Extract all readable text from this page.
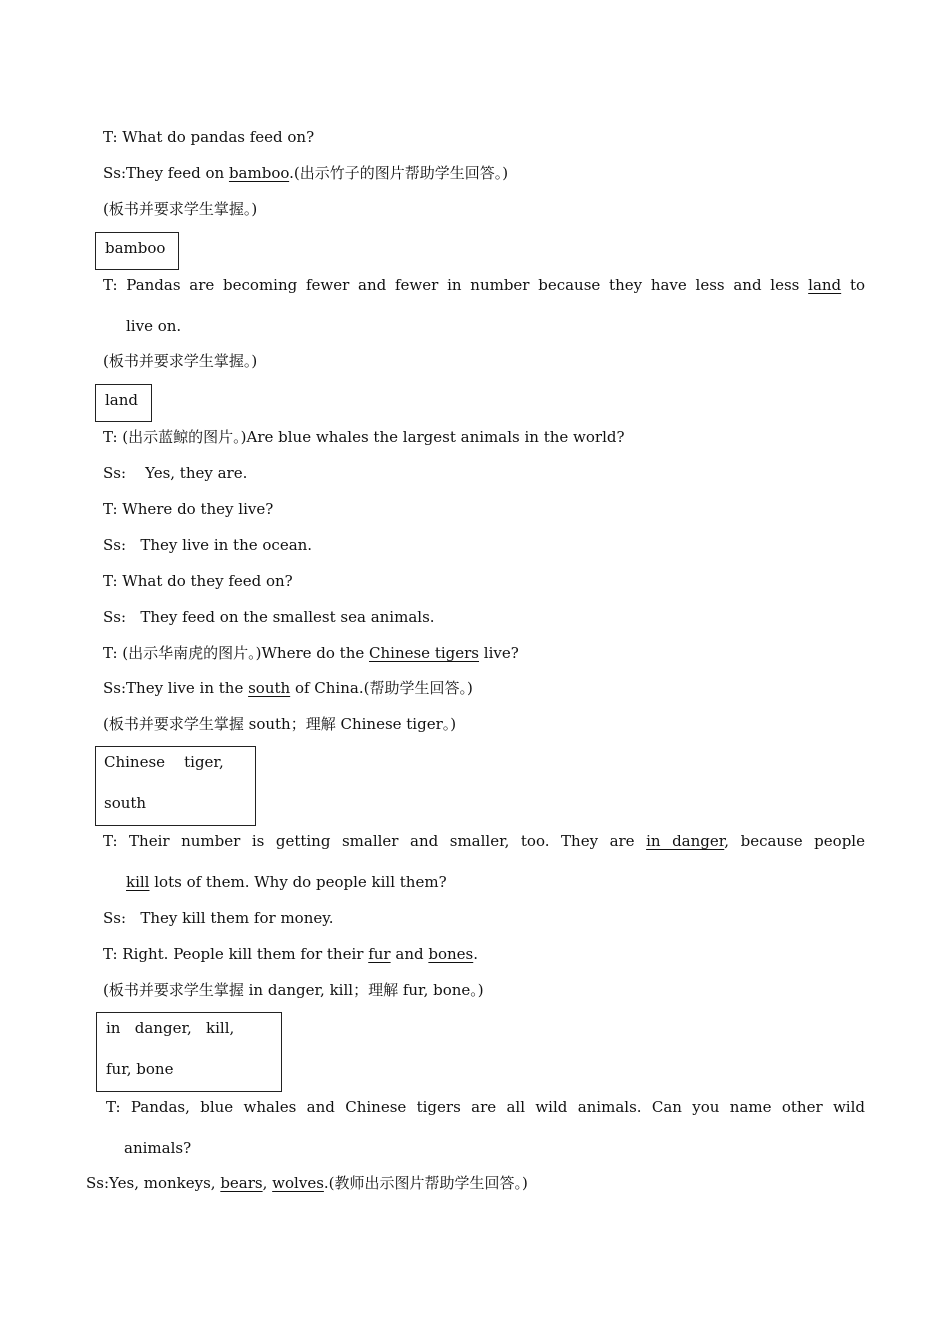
T: What do pandas feed on?
Ss:They feed on bamboo.(出示竹子的图片帮助学生回答。)
(板书并要求学生掌握。)
bamboo
T: Pandas are becoming fewer and fewer in number because they have less and less land to
live on.
(板书并要求学生掌握。)
land
T: (出示蓝鲸的图片。)Are blue whales the largest animals in the world?
Ss:    Yes, they are.
T: Where do they live?
Ss:   They live in the ocean.
T: What do they feed on?
Ss:   They feed on the smallest sea animals.
T: (出示华南虎的图片。)Where do the Chinese tigers live?
Ss:They live in the south of China.(帮助学生回答。)
(板书并要求学生掌握 south；理解 Chinese tiger。)
Chinese    tiger,
south
T: Their number is getting smaller and smaller, too. They are in danger, because people
kill lots of them. Why do people kill them?
Ss:   They kill them for money.
T: Right. People kill them for their fur and bones.
(板书并要求学生掌握 in danger, kill；理解 fur, bone。)
in   danger,   kill,
fur, bone
T: Pandas, blue whales and Chinese tigers are all wild animals. Can you name other wild
animals?
Ss:Yes, monkeys, bears, wolves.(教师出示图片帮助学生回答。)
